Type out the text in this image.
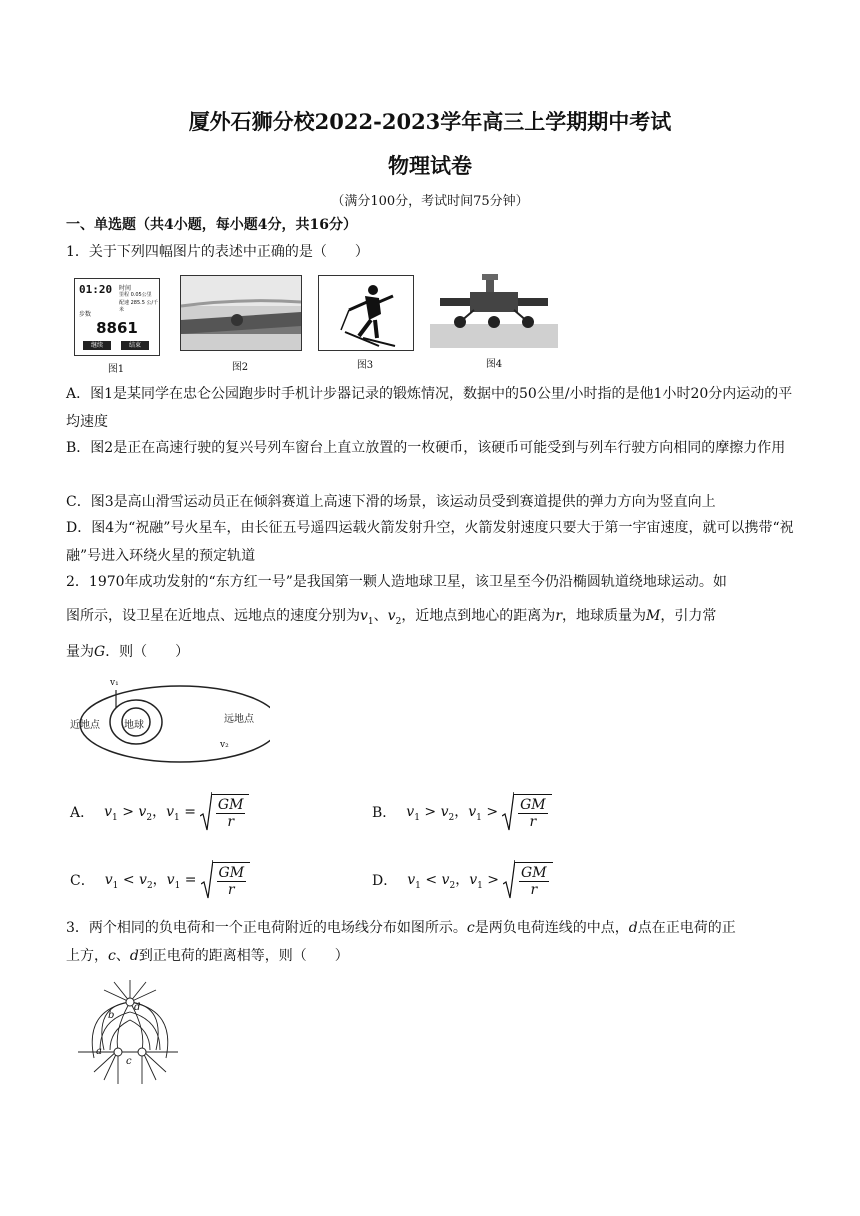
厦外石狮分校2022-2023学年高三上学期期中考试
物理试卷
（满分100分，考试时间75分钟）
一、单选题（共4小题，每小题4分，共16分）
1．关于下列四幅图片的表述中正确的是（　　）
01:20 时间
里程 0.05公里
配速 285.5 公/千米
步数
8861
继续	结束
图1	图2	图3	图4
A．图1是某同学在忠仑公园跑步时手机计步器记录的锻炼情况，数据中的50公里/小时指的是他1小时20分内运动的平均速度
B．图2是正在高速行驶的复兴号列车窗台上直立放置的一枚硬币，该硬币可能受到与列车行驶方向相同的摩擦力作用
C．图3是高山滑雪运动员正在倾斜赛道上高速下滑的场景，该运动员受到赛道提供的弹力方向为竖直向上
D．图4为“祝融”号火星车，由长征五号遥四运载火箭发射升空，火箭发射速度只要大于第一宇宙速度，就可以携带“祝融”号进入环绕火星的预定轨道
2．1970年成功发射的“东方红一号”是我国第一颗人造地球卫星，该卫星至今仍沿椭圆轨道绕地球运动。如
图所示，设卫星在近地点、远地点的速度分别为$v_1$、$v_2$，近地点到地心的距离为r，地球质量为M，引力常
量为G．则（　　）
v₁
v₂
近地点 地球
远地点
A． $v_1 > v_2$，$v_1 = \frac{GM}{r}$	B． $v_1 > v_2$，$v_1 > \frac{GM}{r}$
C． $v_1 < v_2$，$v_1 = \frac{GM}{r}$	D． $v_1 < v_2$，$v_1 > \frac{GM}{r}$
3．两个相同的负电荷和一个正电荷附近的电场线分布如图所示。c是两负电荷连线的中点，d点在正电荷的正
上方，c、d到正电荷的距离相等，则（　　）
d
b
a
c
